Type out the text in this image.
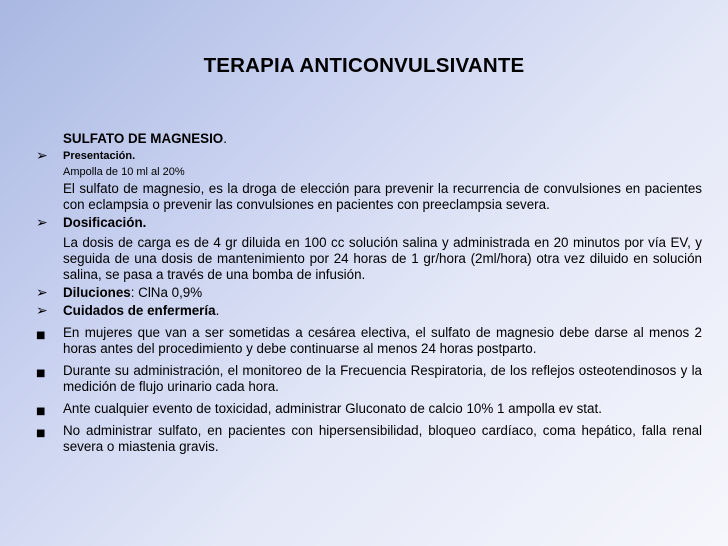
TERAPIA ANTICONVULSIVANTE
SULFATO DE MAGNESIO.
➢	Presentación.
Ampolla de 10 ml al 20%
El sulfato de magnesio, es la droga de elección para prevenir la recurrencia de convulsiones en pacientes con eclampsia o prevenir las convulsiones en pacientes con preeclampsia severa.
➢	Dosificación.
La dosis de carga es de 4 gr diluida en 100 cc solución salina y administrada en 20 minutos por vía EV, y seguida de una dosis de mantenimiento por 24 horas de 1 gr/hora (2ml/hora) otra vez diluido en solución salina, se pasa a través de una bomba de infusión.
➢	Diluciones: ClNa 0,9%
➢	Cuidados de enfermería.
■	En mujeres que van a ser sometidas a cesárea electiva, el sulfato de magnesio debe darse al menos 2 horas antes del procedimiento y debe continuarse al menos 24 horas postparto.
■	Durante su administración, el monitoreo de la Frecuencia Respiratoria, de los reflejos osteotendinosos y la medición de flujo urinario cada hora.
■	Ante cualquier evento de toxicidad, administrar Gluconato de calcio 10% 1 ampolla ev stat.
■	No administrar sulfato, en pacientes con hipersensibilidad, bloqueo cardíaco, coma hepático, falla renal severa o miastenia gravis.
